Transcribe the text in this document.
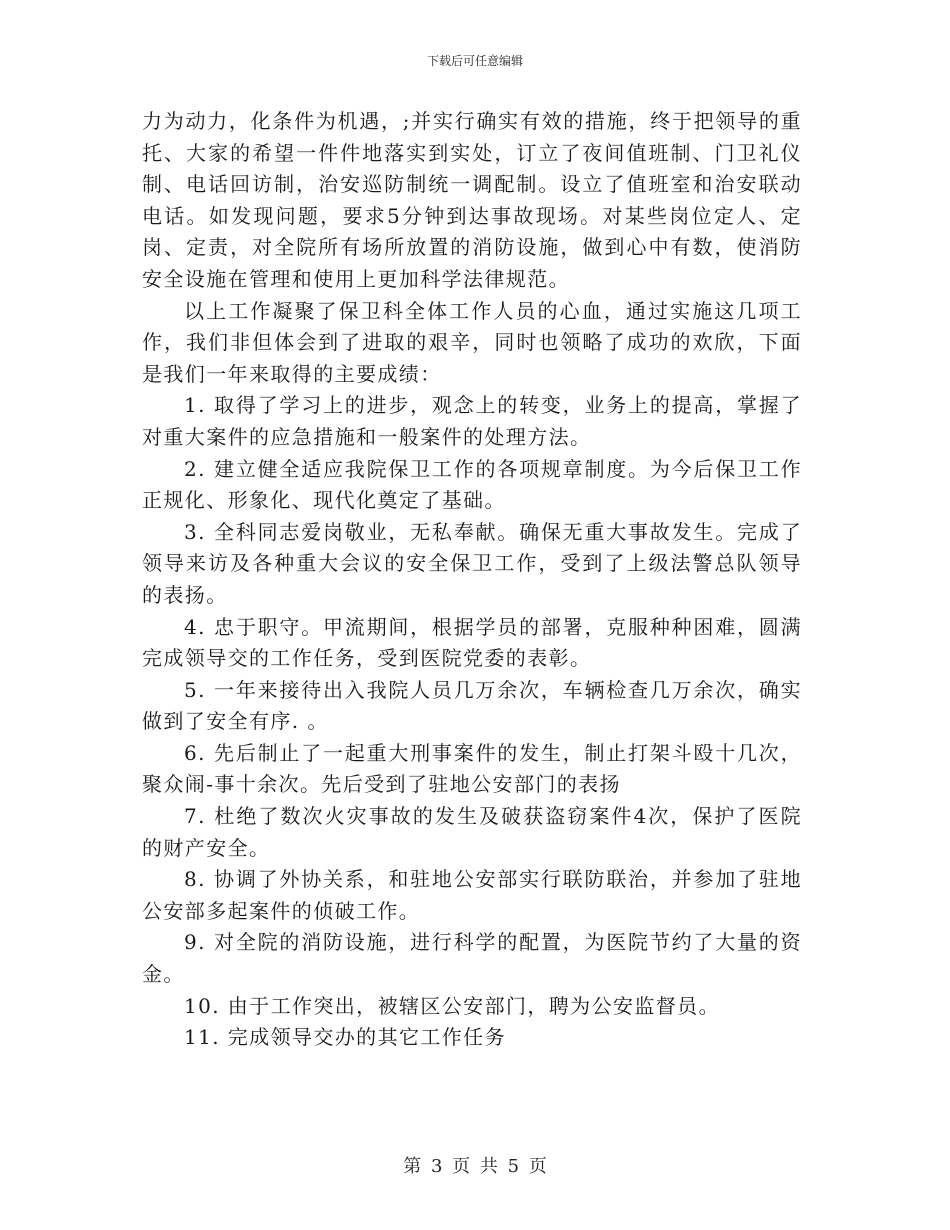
下载后可任意编辑

力为动力，化条件为机遇，;并实行确实有效的措施，终于把领导的重托、大家的希望一件件地落实到实处，订立了夜间值班制、门卫礼仪制、电话回访制，治安巡防制统一调配制。设立了值班室和治安联动电话。如发现问题，要求5分钟到达事故现场。对某些岗位定人、定岗、定责，对全院所有场所放置的消防设施，做到心中有数，使消防安全设施在管理和使用上更加科学法律规范。

以上工作凝聚了保卫科全体工作人员的心血，通过实施这几项工作，我们非但体会到了进取的艰辛，同时也领略了成功的欢欣，下面是我们一年来取得的主要成绩：

1. 取得了学习上的进步，观念上的转变，业务上的提高，掌握了对重大案件的应急措施和一般案件的处理方法。

2. 建立健全适应我院保卫工作的各项规章制度。为今后保卫工作正规化、形象化、现代化奠定了基础。

3. 全科同志爱岗敬业，无私奉献。确保无重大事故发生。完成了领导来访及各种重大会议的安全保卫工作，受到了上级法警总队领导的表扬。

4. 忠于职守。甲流期间，根据学员的部署，克服种种困难，圆满完成领导交的工作任务，受到医院党委的表彰。

5. 一年来接待出入我院人员几万余次，车辆检查几万余次，确实做到了安全有序. 。

6. 先后制止了一起重大刑事案件的发生，制止打架斗殴十几次，聚众闹-事十余次。先后受到了驻地公安部门的表扬

7. 杜绝了数次火灾事故的发生及破获盗窃案件4次，保护了医院的财产安全。

8. 协调了外协关系，和驻地公安部实行联防联治，并参加了驻地公安部多起案件的侦破工作。

9. 对全院的消防设施，进行科学的配置，为医院节约了大量的资金。

10. 由于工作突出，被辖区公安部门，聘为公安监督员。

11. 完成领导交办的其它工作任务

第 3 页 共 5 页
